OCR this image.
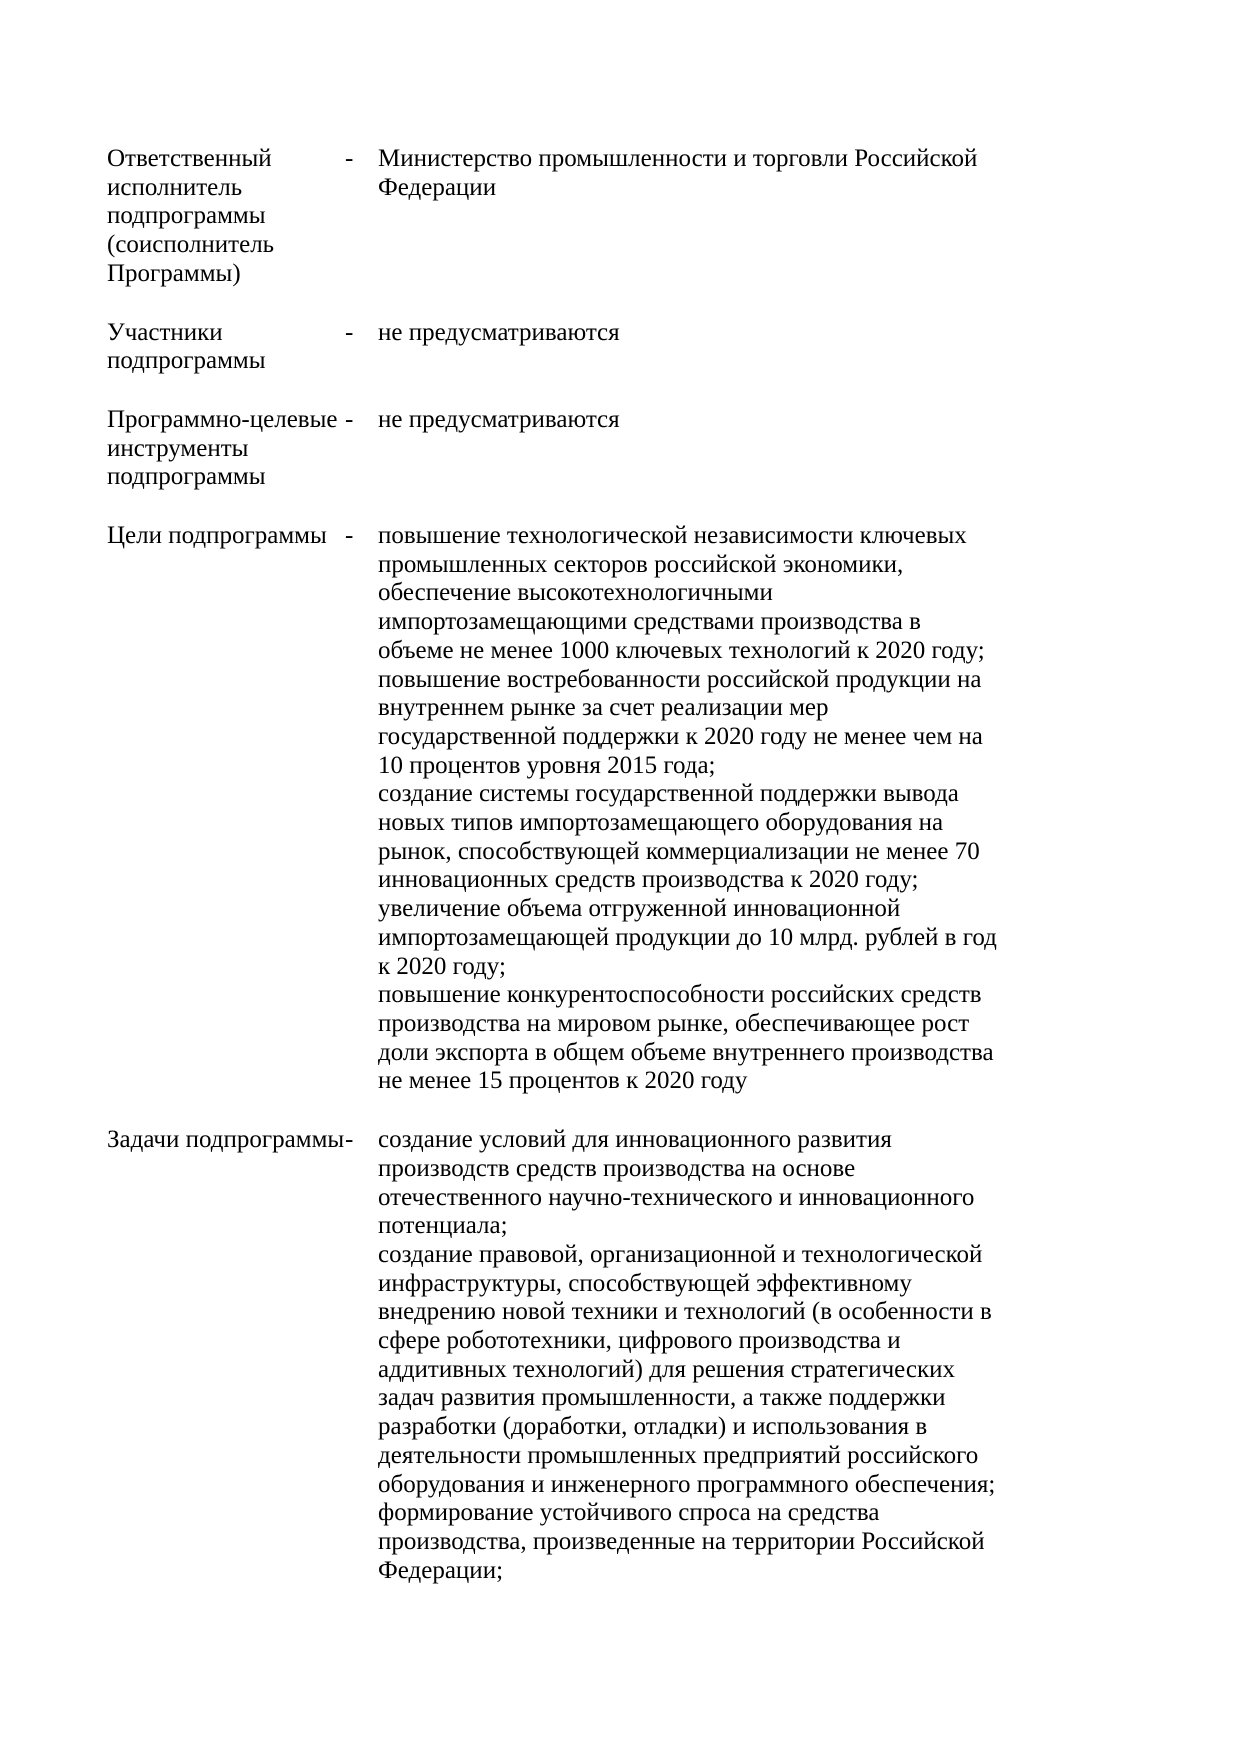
Ответственный
исполнитель
подпрограммы
(соисполнитель
Программы)
- Министерство промышленности и торговли Российской
Федерации
Участники
подпрограммы
- не предусматриваются
Программно-целевые
инструменты
подпрограммы
- не предусматриваются
Цели подпрограммы - повышение технологической независимости ключевых
промышленных секторов российской экономики,
обеспечение высокотехнологичными
импортозамещающими средствами производства в
объеме не менее 1000 ключевых технологий к 2020 году;
повышение востребованности российской продукции на
внутреннем рынке за счет реализации мер
государственной поддержки к 2020 году не менее чем на
10 процентов уровня 2015 года;
создание системы государственной поддержки вывода
новых типов импортозамещающего оборудования на
рынок, способствующей коммерциализации не менее 70
инновационных средств производства к 2020 году;
увеличение объема отгруженной инновационной
импортозамещающей продукции до 10 млрд. рублей в год
к 2020 году;
повышение конкурентоспособности российских средств
производства на мировом рынке, обеспечивающее рост
доли экспорта в общем объеме внутреннего производства
не менее 15 процентов к 2020 году
Задачи подпрограммы - создание условий для инновационного развития
производств средств производства на основе
отечественного научно-технического и инновационного
потенциала;
создание правовой, организационной и технологической
инфраструктуры, способствующей эффективному
внедрению новой техники и технологий (в особенности в
сфере робототехники, цифрового производства и
аддитивных технологий) для решения стратегических
задач развития промышленности, а также поддержки
разработки (доработки, отладки) и использования в
деятельности промышленных предприятий российского
оборудования и инженерного программного обеспечения;
формирование устойчивого спроса на средства
производства, произведенные на территории Российской
Федерации;
